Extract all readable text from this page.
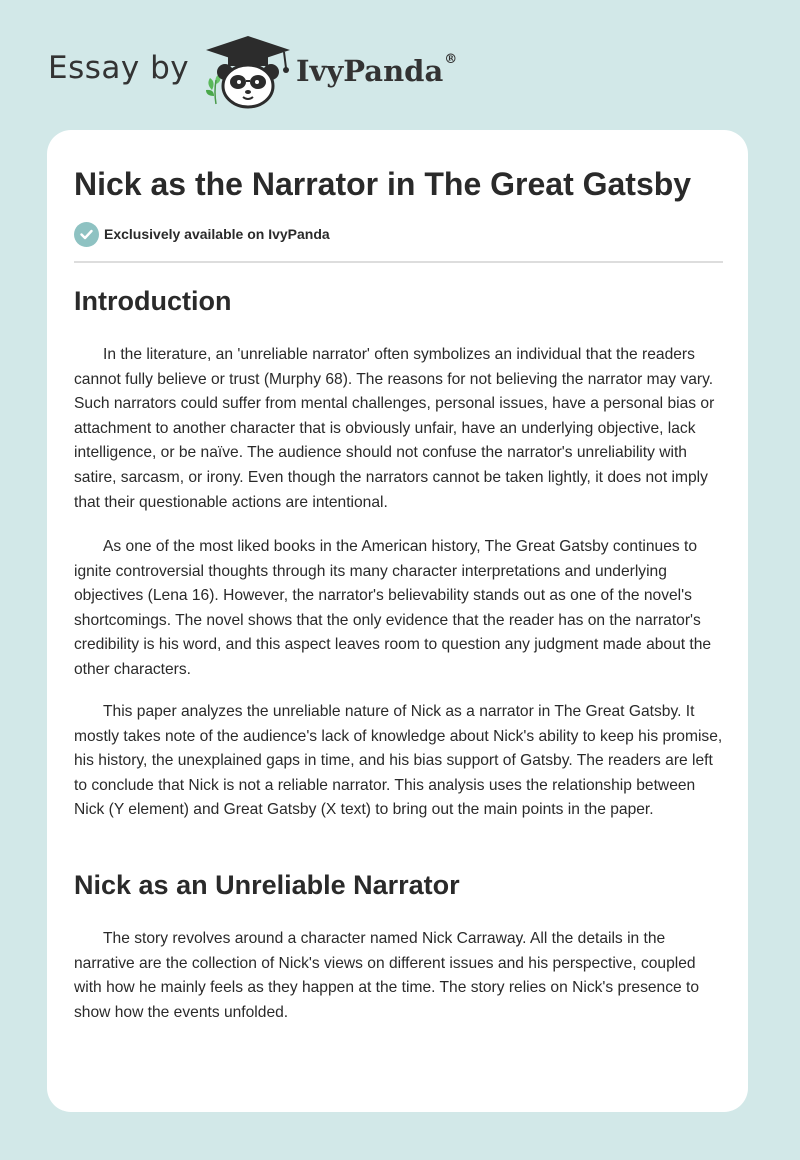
Essay by	IvyPanda®
Nick as the Narrator in The Great Gatsby
Exclusively available on IvyPanda
Introduction

In the literature, an 'unreliable narrator' often symbolizes an individual that the readers cannot fully believe or trust (Murphy 68). The reasons for not believing the narrator may vary. Such narrators could suffer from mental challenges, personal issues, have a personal bias or attachment to another character that is obviously unfair, have an underlying objective, lack intelligence, or be naïve. The audience should not confuse the narrator's unreliability with satire, sarcasm, or irony. Even though the narrators cannot be taken lightly, it does not imply that their questionable actions are intentional.

As one of the most liked books in the American history, The Great Gatsby continues to ignite controversial thoughts through its many character interpretations and underlying objectives (Lena 16). However, the narrator's believability stands out as one of the novel's shortcomings. The novel shows that the only evidence that the reader has on the narrator's credibility is his word, and this aspect leaves room to question any judgment made about the other characters.

This paper analyzes the unreliable nature of Nick as a narrator in The Great Gatsby. It mostly takes note of the audience's lack of knowledge about Nick's ability to keep his promise, his history, the unexplained gaps in time, and his bias support of Gatsby. The readers are left to conclude that Nick is not a reliable narrator. This analysis uses the relationship between Nick (Y element) and Great Gatsby (X text) to bring out the main points in the paper.

Nick as an Unreliable Narrator

The story revolves around a character named Nick Carraway. All the details in the narrative are the collection of Nick's views on different issues and his perspective, coupled with how he mainly feels as they happen at the time. The story relies on Nick's presence to show how the events unfolded.
